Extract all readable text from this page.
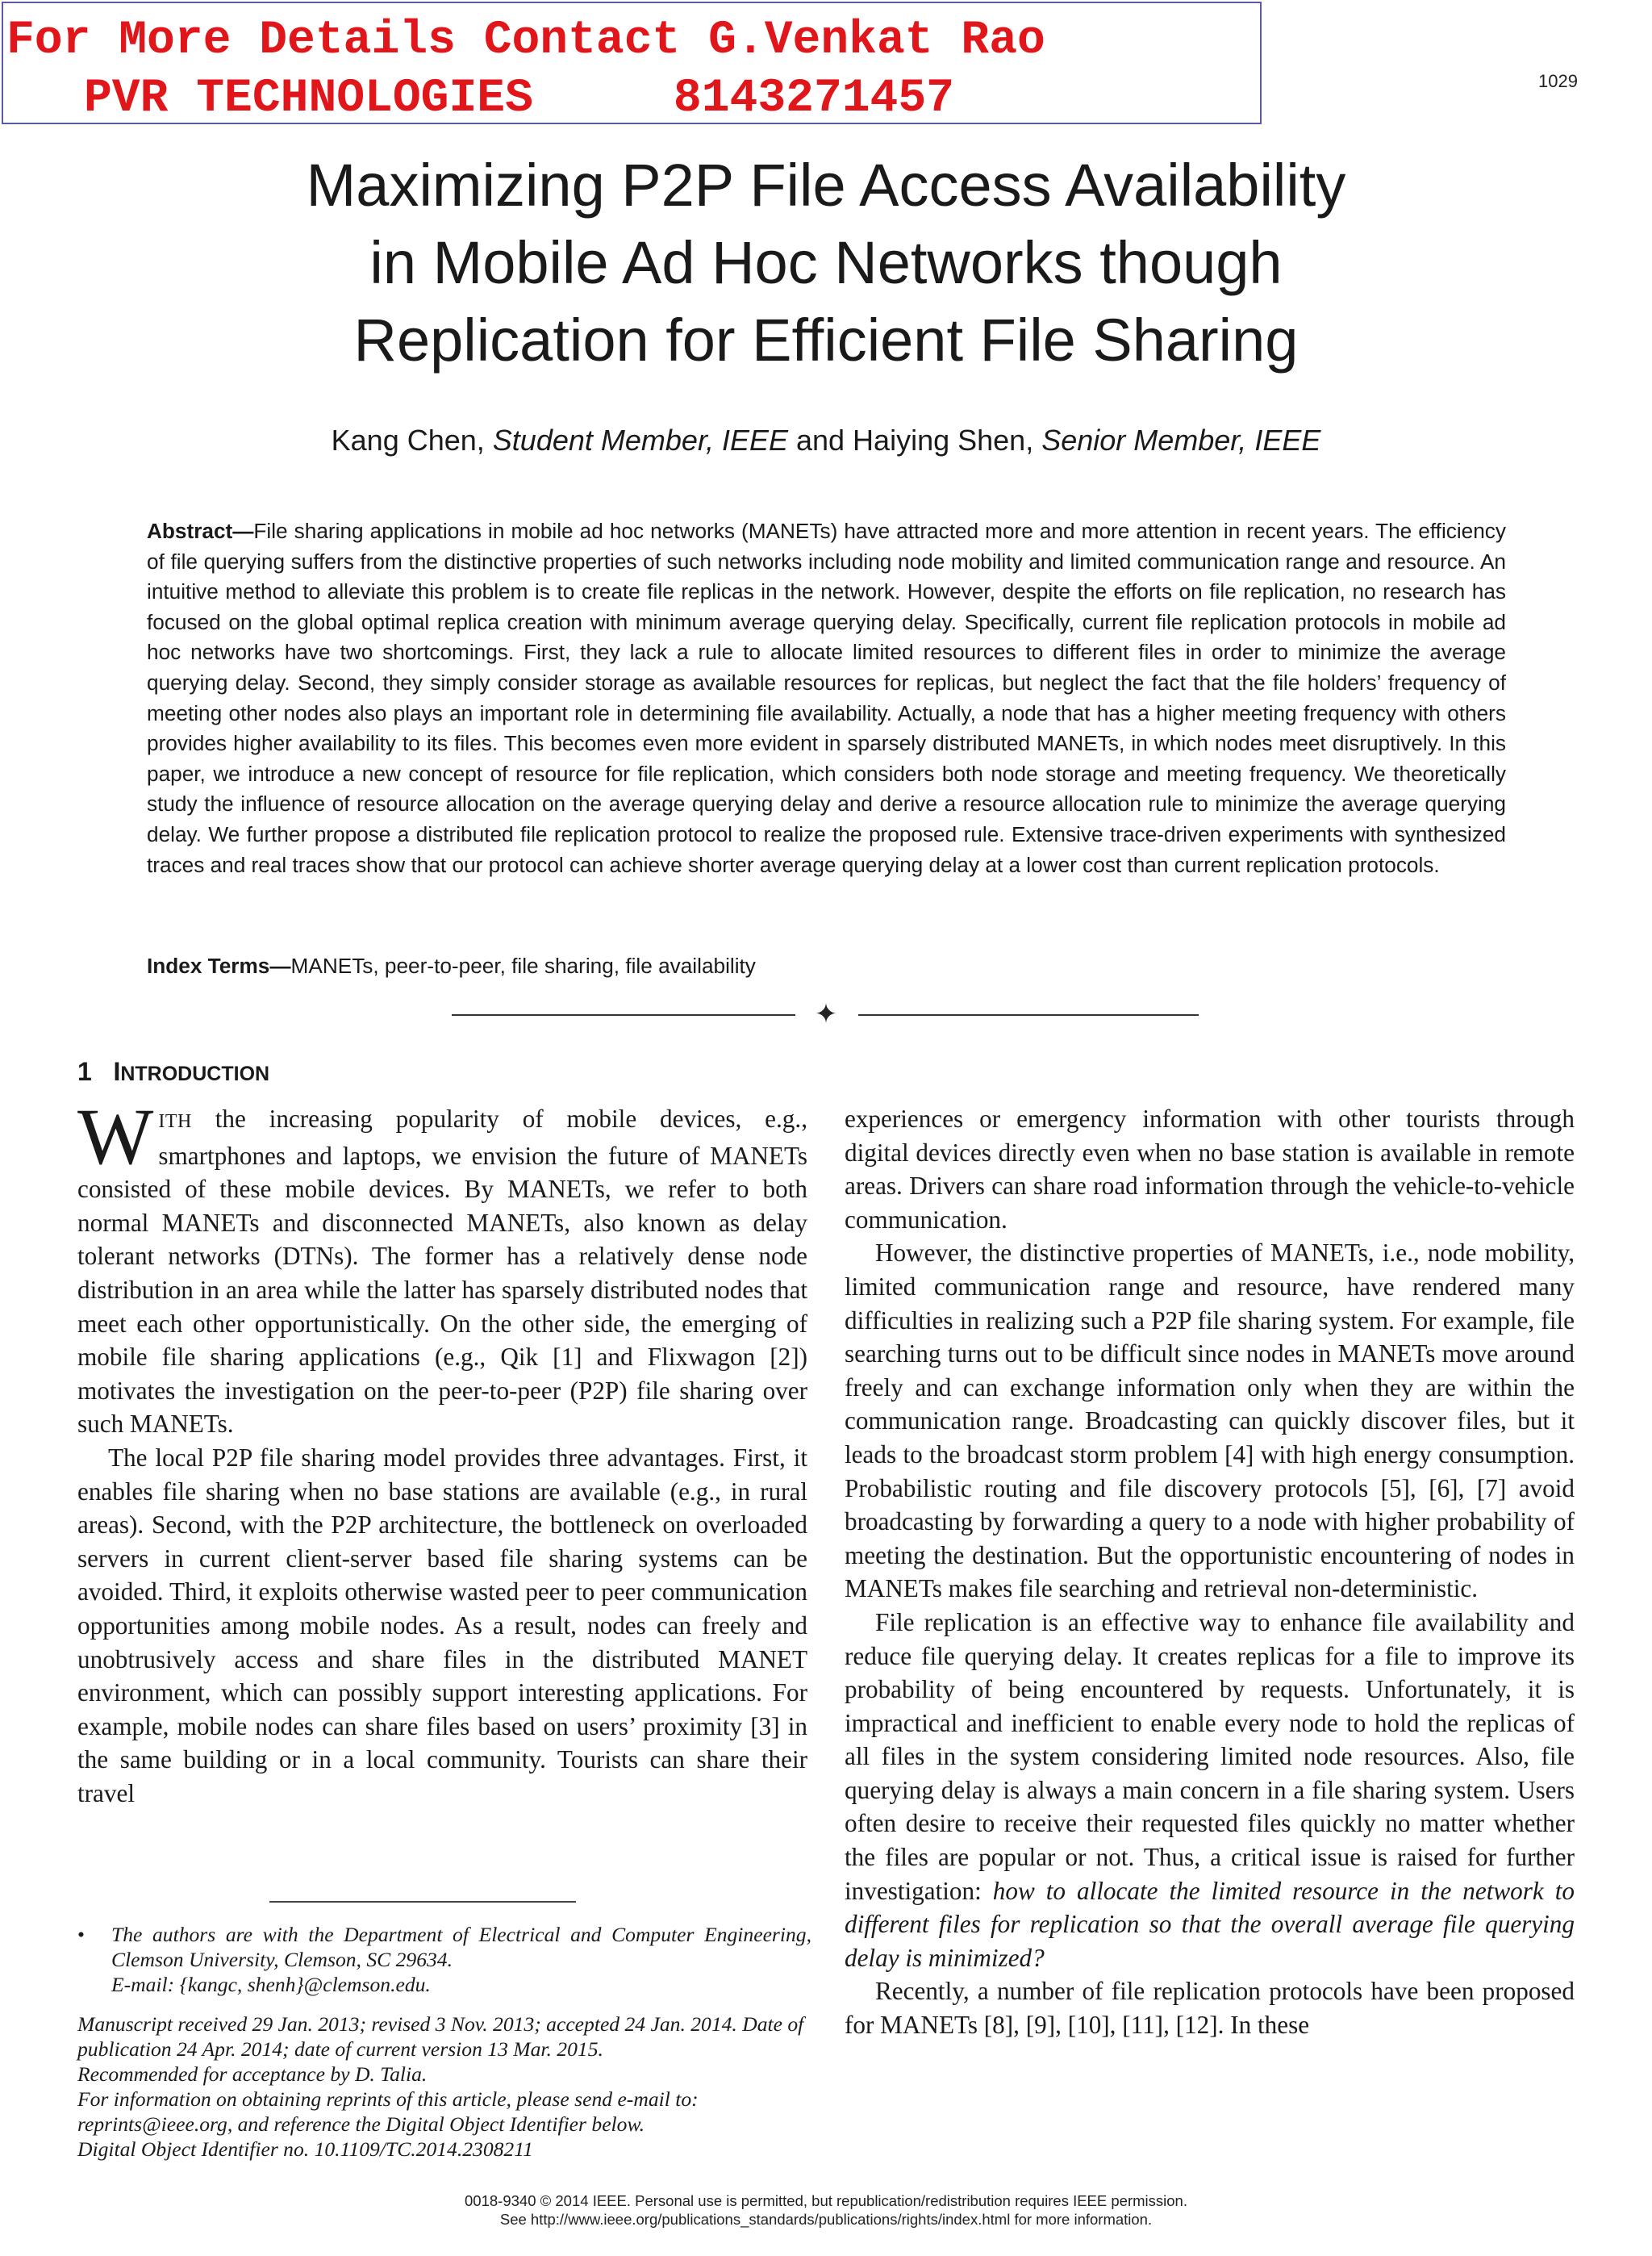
For More Details Contact G.Venkat Rao
PVR TECHNOLOGIES     8143271457	1029
Maximizing P2P File Access Availability
in Mobile Ad Hoc Networks though
Replication for Efficient File Sharing
Kang Chen, Student Member, IEEE and Haiying Shen, Senior Member, IEEE

Abstract—File sharing applications in mobile ad hoc networks (MANETs) have attracted more and more attention in recent years. The efficiency of file querying suffers from the distinctive properties of such networks including node mobility and limited communication range and resource. An intuitive method to alleviate this problem is to create file replicas in the network. However, despite the efforts on file replication, no research has focused on the global optimal replica creation with minimum average querying delay. Specifically, current file replication protocols in mobile ad hoc networks have two shortcomings. First, they lack a rule to allocate limited resources to different files in order to minimize the average querying delay. Second, they simply consider storage as available resources for replicas, but neglect the fact that the file holders’ frequency of meeting other nodes also plays an important role in determining file availability. Actually, a node that has a higher meeting frequency with others provides higher availability to its files. This becomes even more evident in sparsely distributed MANETs, in which nodes meet disruptively. In this paper, we introduce a new concept of resource for file replication, which considers both node storage and meeting frequency. We theoretically study the influence of resource allocation on the average querying delay and derive a resource allocation rule to minimize the average querying delay. We further propose a distributed file replication protocol to realize the proposed rule. Extensive trace-driven experiments with synthesized traces and real traces show that our protocol can achieve shorter average querying delay at a lower cost than current replication protocols.

Index Terms—MANETs, peer-to-peer, file sharing, file availability

✦
1 INTRODUCTION

WITH the increasing popularity of mobile devices, e.g., smartphones and laptops, we envision the future of MANETs consisted of these mobile devices. By MANETs, we refer to both normal MANETs and disconnected MANETs, also known as delay tolerant networks (DTNs). The former has a relatively dense node distribution in an area while the latter has sparsely distributed nodes that meet each other opportunistically. On the other side, the emerging of mobile file sharing applications (e.g., Qik [1] and Flixwagon [2]) motivates the investigation on the peer-to-peer (P2P) file sharing over such MANETs.

The local P2P file sharing model provides three advantages. First, it enables file sharing when no base stations are available (e.g., in rural areas). Second, with the P2P architecture, the bottleneck on overloaded servers in current client-server based file sharing systems can be avoided. Third, it exploits otherwise wasted peer to peer communication opportunities among mobile nodes. As a result, nodes can freely and unobtrusively access and share files in the distributed MANET environment, which can possibly support interesting applications. For example, mobile nodes can share files based on users’ proximity [3] in the same building or in a local community. Tourists can share their travel

•	The authors are with the Department of Electrical and Computer Engineering, Clemson University, Clemson, SC 29634.
E-mail: {kangc, shenh}@clemson.edu.

Manuscript received 29 Jan. 2013; revised 3 Nov. 2013; accepted 24 Jan. 2014. Date of publication 24 Apr. 2014; date of current version 13 Mar. 2015.

Recommended for acceptance by D. Talia.

For information on obtaining reprints of this article, please send e-mail to: reprints@ieee.org, and reference the Digital Object Identifier below.

Digital Object Identifier no. 10.1109/TC.2014.2308211

experiences or emergency information with other tourists through digital devices directly even when no base station is available in remote areas. Drivers can share road information through the vehicle-to-vehicle communication.

However, the distinctive properties of MANETs, i.e., node mobility, limited communication range and resource, have rendered many difficulties in realizing such a P2P file sharing system. For example, file searching turns out to be difficult since nodes in MANETs move around freely and can exchange information only when they are within the communication range. Broadcasting can quickly discover files, but it leads to the broadcast storm problem [4] with high energy consumption. Probabilistic routing and file discovery protocols [5], [6], [7] avoid broadcasting by forwarding a query to a node with higher probability of meeting the destination. But the opportunistic encountering of nodes in MANETs makes file searching and retrieval non-deterministic.

File replication is an effective way to enhance file availability and reduce file querying delay. It creates replicas for a file to improve its probability of being encountered by requests. Unfortunately, it is impractical and inefficient to enable every node to hold the replicas of all files in the system considering limited node resources. Also, file querying delay is always a main concern in a file sharing system. Users often desire to receive their requested files quickly no matter whether the files are popular or not. Thus, a critical issue is raised for further investigation: how to allocate the limited resource in the network to different files for replication so that the overall average file querying delay is minimized?

Recently, a number of file replication protocols have been proposed for MANETs [8], [9], [10], [11], [12]. In these

0018-9340 © 2014 IEEE. Personal use is permitted, but republication/redistribution requires IEEE permission.
See http://www.ieee.org/publications_standards/publications/rights/index.html for more information.
